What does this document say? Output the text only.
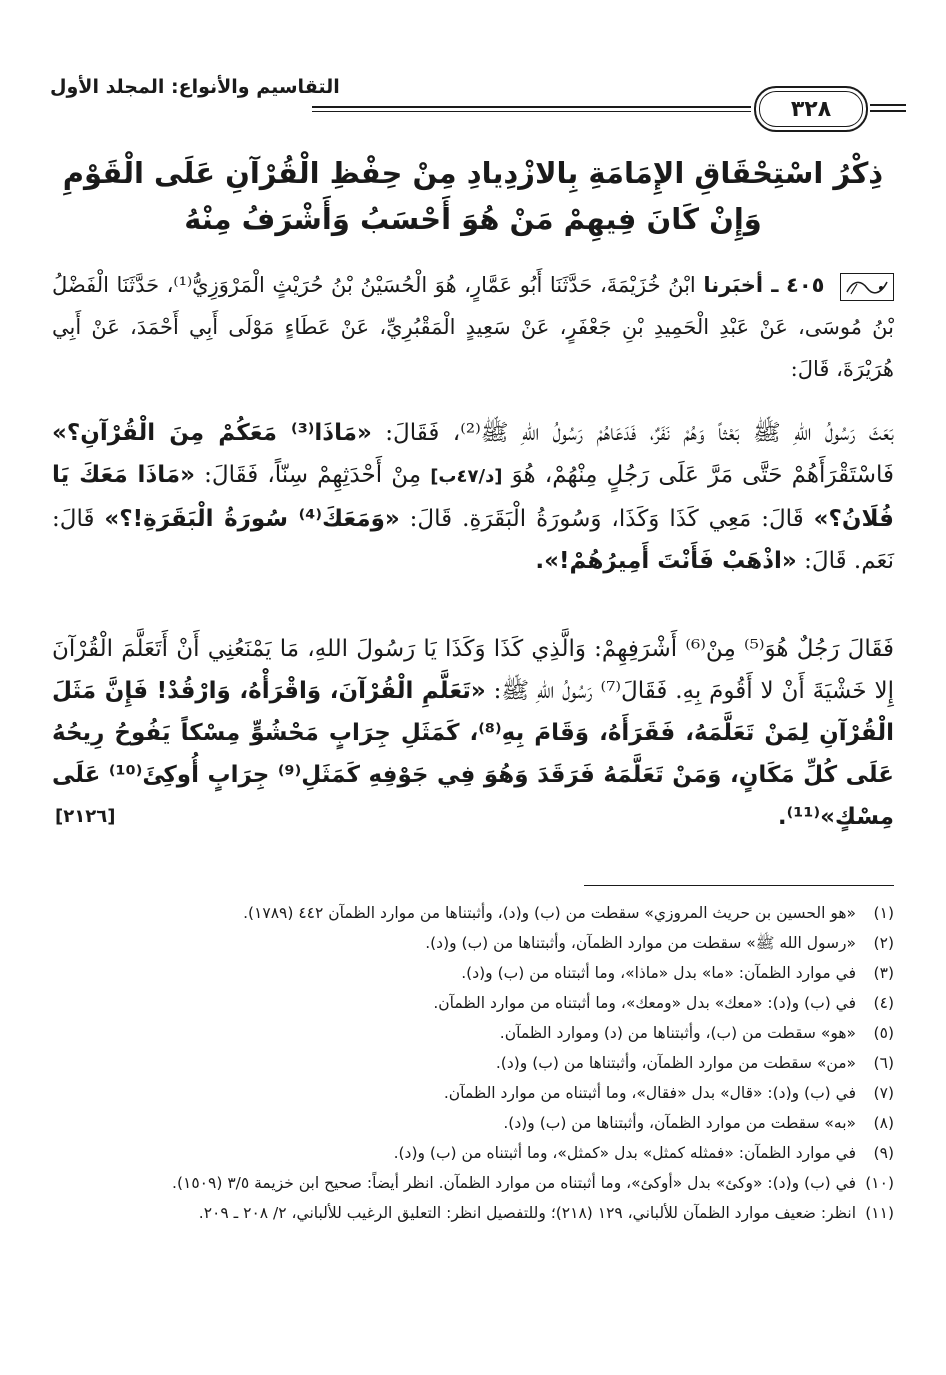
التقاسيم والأنواع: المجلد الأول
٣٢٨
ذِكْرُ اسْتِحْقَاقِ الإِمَامَةِ بِالازْدِيادِ مِنْ حِفْظِ الْقُرْآنِ عَلَى الْقَوْمِ
وَإِنْ كَانَ فِيهِمْ مَنْ هُوَ أَحْسَبُ وَأَشْرَفُ مِنْهُ
٤٠٥ ـ أخبَرنا ابْنُ خُزَيْمَةَ، حَدَّثَنَا أَبُو عَمَّارٍ، هُوَ الْحُسَيْنُ بْنُ حُرَيْثٍ الْمَرْوَزِيُّ⁽¹⁾، حَدَّثَنَا الْفَضْلُ بْنُ مُوسَى، عَنْ عَبْدِ الْحَمِيدِ بْنِ جَعْفَرٍ، عَنْ سَعِيدٍ الْمَقْبُرِيِّ، عَنْ عَطَاءٍ مَوْلَى أَبِي أَحْمَدَ، عَنْ أَبِي هُرَيْرَةَ، قَالَ:
بَعَثَ رَسُولُ اللهِ ﷺ بَعْثاً وَهُمْ نَفَرٌ، فَدَعَاهُمْ رَسُولُ اللهِ ﷺ⁽²⁾، فَقَالَ: «مَاذَا⁽³⁾ مَعَكُمْ مِنَ الْقُرْآنِ؟» فَاسْتَقْرَأَهُمْ حَتَّى مَرَّ عَلَى رَجُلٍ مِنْهُمْ، هُوَ [د/٤٧ب] مِنْ أَحْدَثِهِمْ سِنّاً، فَقَالَ: «مَاذَا مَعَكَ يَا فُلَانُ؟» قَالَ: مَعِي كَذَا وَكَذَا، وَسُورَةُ الْبَقَرَةِ. قَالَ: «وَمَعَكَ⁽⁴⁾ سُورَةُ الْبَقَرَةِ!؟» قَالَ: نَعَم. قَالَ: «اذْهَبْ فَأَنْتَ أَمِيرُهُمْ!».
فَقَالَ رَجُلٌ هُوَ⁽⁵⁾ مِنْ⁽⁶⁾ أَشْرَفِهِمْ: وَالَّذِي كَذَا وَكَذَا يَا رَسُولَ اللهِ، مَا يَمْنَعُنِي أَنْ أَتَعَلَّمَ الْقُرْآنَ إِلا خَشْيَةَ أَنْ لا أَقُومَ بِهِ. فَقَالَ⁽⁷⁾ رَسُولُ اللهِ ﷺ: «تَعَلَّمِ الْقُرْآنَ، وَاقْرَأْهُ، وَارْقُدْ! فَإِنَّ مَثَلَ الْقُرْآنِ لِمَنْ تَعَلَّمَهُ، فَقَرَأَهُ، وَقَامَ بِهِ⁽⁸⁾، كَمَثَلِ جِرَابٍ مَحْشُوٍّ مِسْكاً يَفُوحُ رِيحُهُ عَلَى كُلِّ مَكَانٍ، وَمَنْ تَعَلَّمَهُ فَرَقَدَ وَهُوَ فِي جَوْفِهِ كَمَثَلِ⁽⁹⁾ جِرَابٍ أُوكِئَ⁽¹⁰⁾ عَلَى مِسْكٍ»⁽¹¹⁾.
[٢١٢٦]
(١)
«هو الحسين بن حريث المروزي» سقطت من (ب) و(د)، وأثبتناها من موارد الظمآن ٤٤٢ (١٧٨٩).
(٢)
«رسول الله ﷺ» سقطت من موارد الظمآن، وأثبتناها من (ب) و(د).
(٣)
في موارد الظمآن: «ما» بدل «ماذا»، وما أثبتناه من (ب) و(د).
(٤)
في (ب) و(د): «معك» بدل «ومعك»، وما أثبتناه من موارد الظمآن.
(٥)
«هو» سقطت من (ب)، وأثبتناها من (د) وموارد الظمآن.
(٦)
«من» سقطت من موارد الظمآن، وأثبتناها من (ب) و(د).
(٧)
في (ب) و(د): «قال» بدل «فقال»، وما أثبتناه من موارد الظمآن.
(٨)
«به» سقطت من موارد الظمآن، وأثبتناها من (ب) و(د).
(٩)
في موارد الظمآن: «فمثله كمثل» بدل «كمثل»، وما أثبتناه من (ب) و(د).
(١٠)
في (ب) و(د): «وكئ» بدل «أوكئ»، وما أثبتناه من موارد الظمآن. انظر أيضاً: صحيح ابن خزيمة ٣/٥ (١٥٠٩).
(١١)
انظر: ضعيف موارد الظمآن للألباني، ١٢٩ (٢١٨)؛ وللتفصيل انظر: التعليق الرغيب للألباني، ٢/ ٢٠٨ ـ ٢٠٩.
